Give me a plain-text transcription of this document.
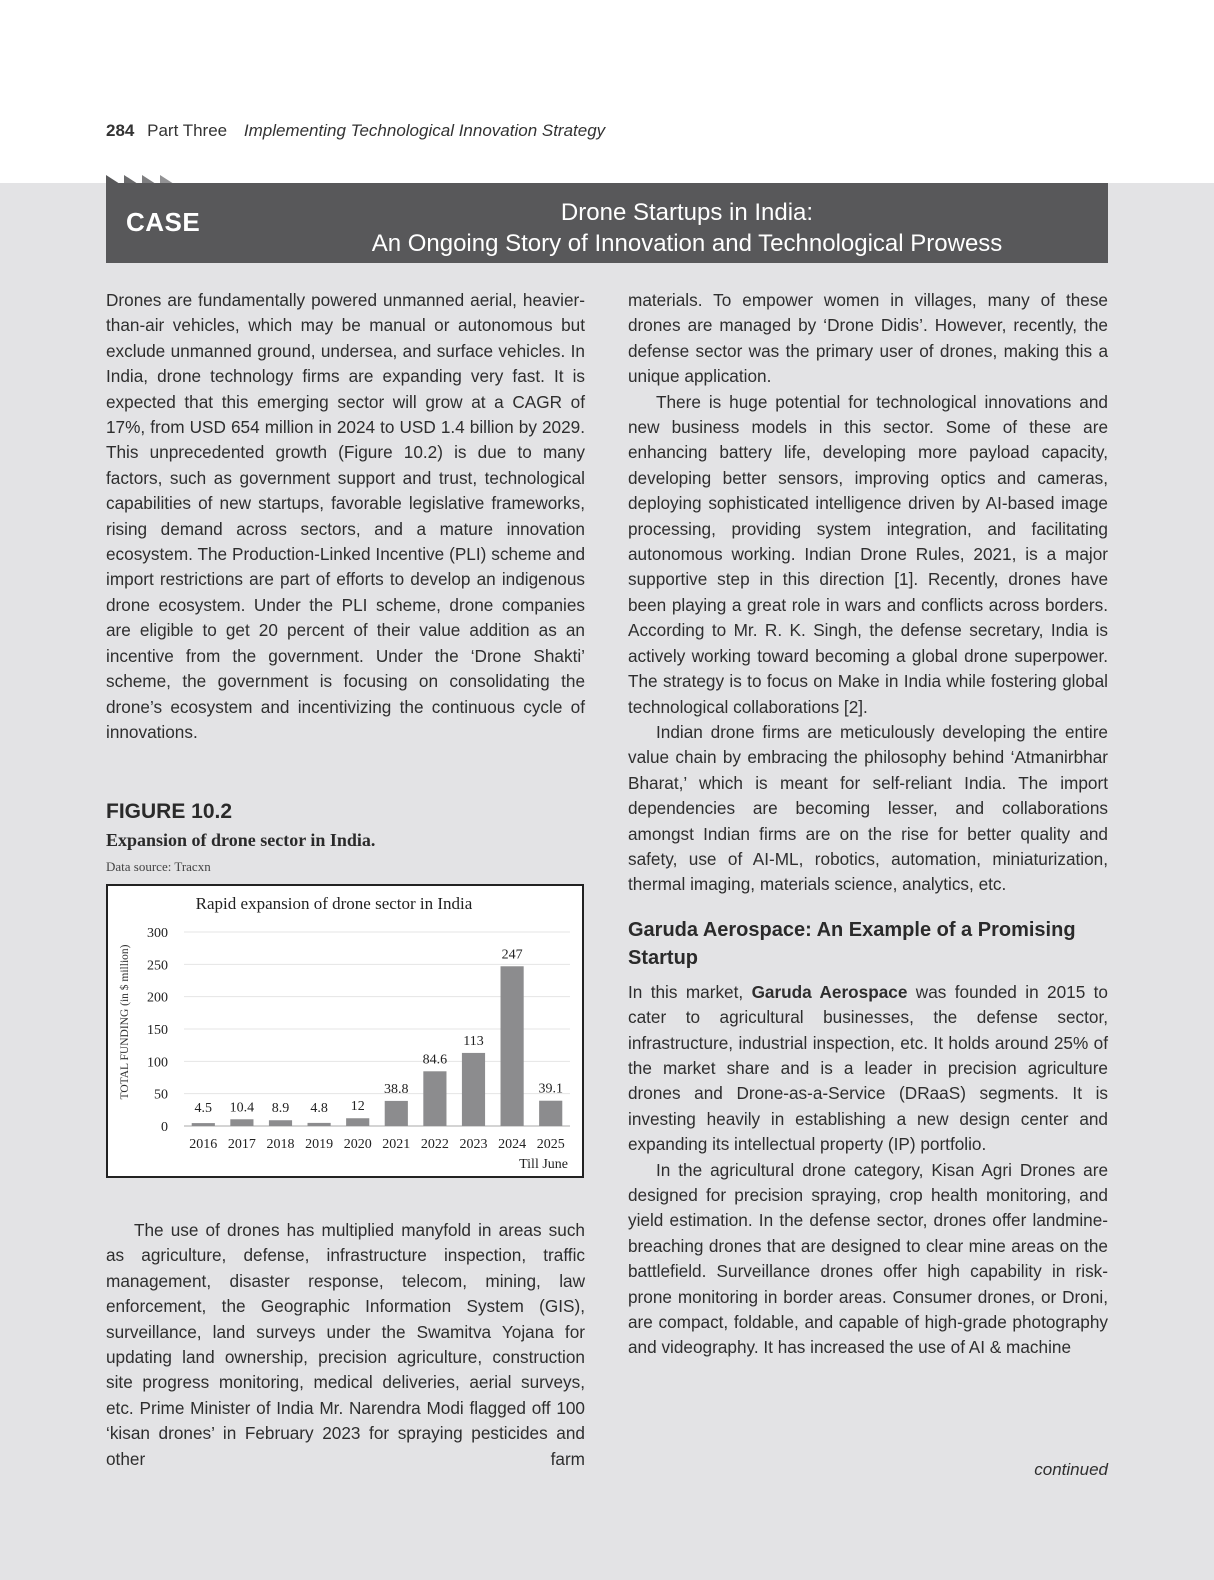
284 Part Three Implementing Technological Innovation Strategy
CASE	Drone Startups in India:
An Ongoing Story of Innovation and Technological Prowess

Drones are fundamentally powered unmanned aerial, heavier-than-air vehicles, which may be manual or autonomous but exclude unmanned ground, undersea, and surface vehicles. In India, drone technology firms are expanding very fast. It is expected that this emerging sector will grow at a CAGR of 17%, from USD 654 million in 2024 to USD 1.4 billion by 2029. This unprecedented growth (Figure 10.2) is due to many factors, such as government support and trust, technological capabilities of new startups, favorable legislative frameworks, rising demand across sectors, and a mature innovation ecosystem. The Production-Linked Incentive (PLI) scheme and import restrictions are part of efforts to develop an indigenous drone ecosystem. Under the PLI scheme, drone companies are eligible to get 20 percent of their value addition as an incentive from the government. Under the ‘Drone Shakti’ scheme, the government is focusing on consolidating the drone’s ecosystem and incentivizing the continuous cycle of innovations.

FIGURE 10.2
Expansion of drone sector in India.
Data source: Tracxn
Rapid expansion of drone sector in India
TOTAL FUNDING (in $ million)
0
50
100
150
200
250
300
4.5
2016
10.4
2017
8.9
2018
4.8
2019
12
2020
38.8
2021
84.6
2022
113
2023
247
2024
39.1
2025
Till June

The use of drones has multiplied manyfold in areas such as agriculture, defense, infrastructure inspection, traffic management, disaster response, telecom, mining, law enforcement, the Geographic Information System (GIS), surveillance, land surveys under the Swamitva Yojana for updating land ownership, precision agriculture, construction site progress monitoring, medical deliveries, aerial surveys, etc. Prime Minister of India Mr. Narendra Modi flagged off 100 ‘kisan drones’ in February 2023 for spraying pesticides and other farm

materials. To empower women in villages, many of these drones are managed by ‘Drone Didis’. However, recently, the defense sector was the primary user of drones, making this a unique application.

There is huge potential for technological innovations and new business models in this sector. Some of these are enhancing battery life, developing more payload capacity, developing better sensors, improving optics and cameras, deploying sophisticated intelligence driven by AI-based image processing, providing system integration, and facilitating autonomous working. Indian Drone Rules, 2021, is a major supportive step in this direction [1]. Recently, drones have been playing a great role in wars and conflicts across borders. According to Mr. R. K. Singh, the defense secretary, India is actively working toward becoming a global drone superpower. The strategy is to focus on Make in India while fostering global technological collaborations [2].

Indian drone firms are meticulously developing the entire value chain by embracing the philosophy behind ‘Atmanirbhar Bharat,’ which is meant for self-reliant India. The import dependencies are becoming lesser, and collaborations amongst Indian firms are on the rise for better quality and safety, use of AI-ML, robotics, automation, miniaturization, thermal imaging, materials science, analytics, etc.

Garuda Aerospace: An Example of a Promising Startup

In this market, Garuda Aerospace was founded in 2015 to cater to agricultural businesses, the defense sector, infrastructure, industrial inspection, etc. It holds around 25% of the market share and is a leader in precision agriculture drones and Drone-as-a-Service (DRaaS) segments. It is investing heavily in establishing a new design center and expanding its intellectual property (IP) portfolio.

In the agricultural drone category, Kisan Agri Drones are designed for precision spraying, crop health monitoring, and yield estimation. In the defense sector, drones offer landmine-breaching drones that are designed to clear mine areas on the battlefield. Surveillance drones offer high capability in risk-prone monitoring in border areas. Consumer drones, or Droni, are compact, foldable, and capable of high-grade photography and videography. It has increased the use of AI & machine

continued
